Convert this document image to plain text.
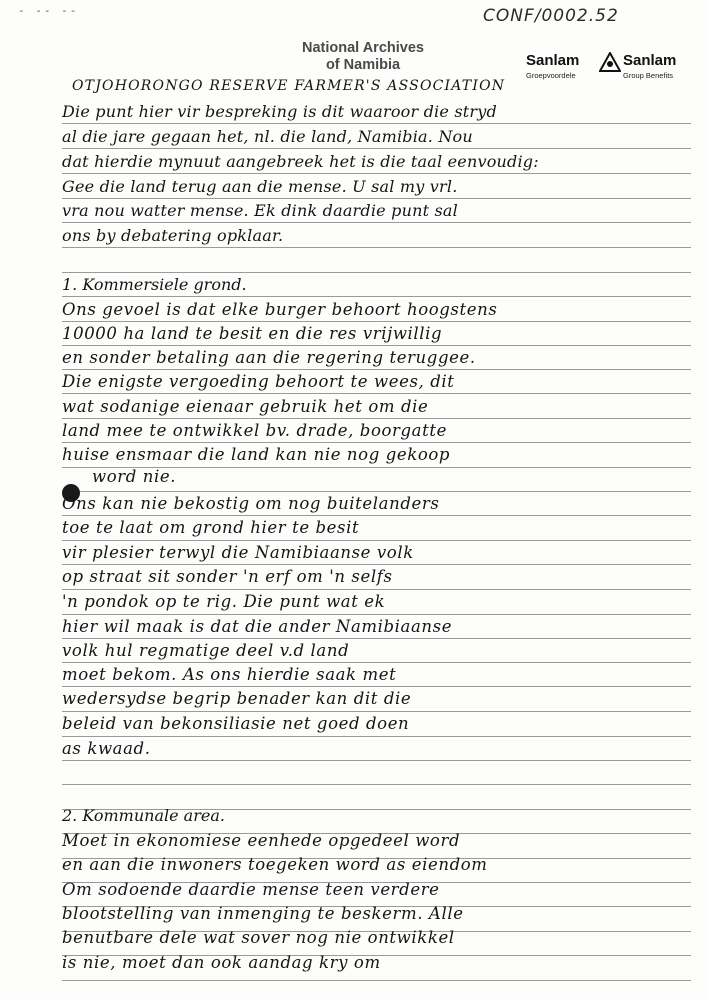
- -- --	CONF/0002.52
National Archives
of Namibia	Sanlam	Sanlam
Groepvoordele	Group Benefits
OTJOHORONGO RESERVE FARMER'S ASSOCIATION
Die punt hier vir bespreking is dit waaroor die stryd
al die jare gegaan het, nl. die land, Namibia. Nou
dat hierdie mynuut aangebreek het is die taal eenvoudig:
Gee die land terug aan die mense. U sal my vrl.
vra nou watter mense. Ek dink daardie punt sal
ons by debatering opklaar.
1. Kommersiele grond.
Ons gevoel is dat elke burger behoort hoogstens
10000 ha land te besit en die res vrijwillig
en sonder betaling aan die regering teruggee.
Die enigste vergoeding behoort te wees, dit
wat sodanige eienaar gebruik het om die
land mee te ontwikkel bv. drade, boorgatte
huise ensmaar die land kan nie nog gekoop
word nie.
Ons kan nie bekostig om nog buitelanders
toe te laat om grond hier te besit
vir plesier terwyl die Namibiaanse volk
op straat sit sonder 'n erf om 'n selfs
'n pondok op te rig. Die punt wat ek
hier wil maak is dat die ander Namibiaanse
volk hul regmatige deel v.d land
moet bekom. As ons hierdie saak met
wedersydse begrip benader kan dit die
beleid van bekonsiliasie net goed doen
as kwaad.
2. Kommunale area.
Moet in ekonomiese eenhede opgedeel word
en aan die inwoners toegeken word as eiendom
Om sodoende daardie mense teen verdere
blootstelling van inmenging te beskerm. Alle
benutbare dele wat sover nog nie ontwikkel
is nie, moet dan ook aandag kry om
